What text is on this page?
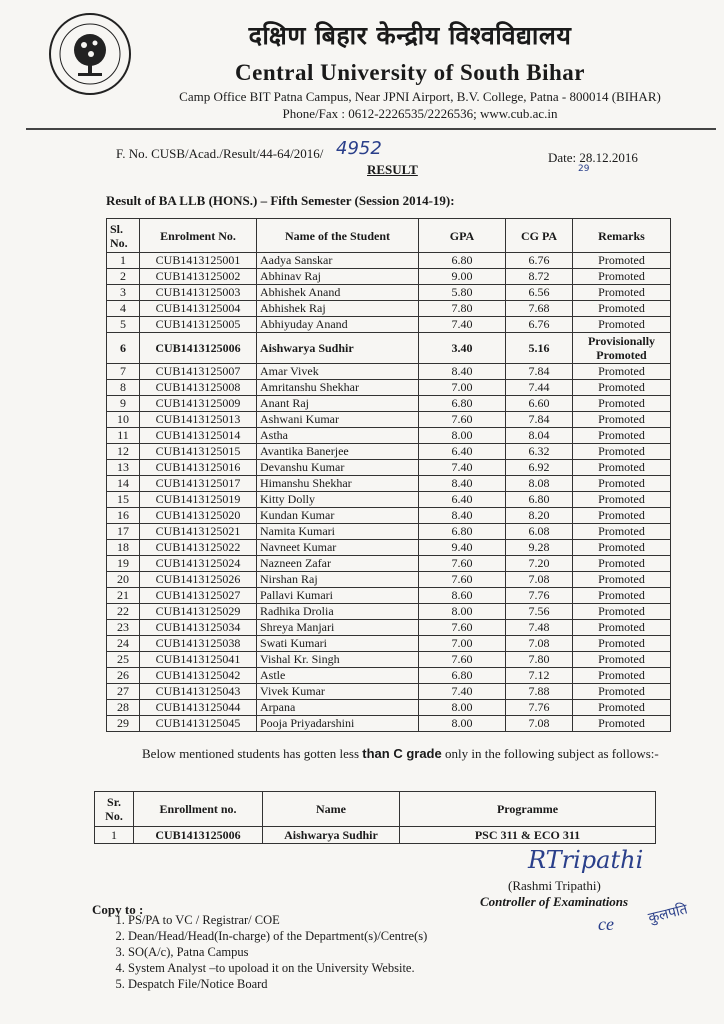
दक्षिण बिहार केन्द्रीय विश्वविद्यालय
Central University of South Bihar
Camp Office BIT Patna Campus, Near JPNI Airport, B.V. College, Patna - 800014 (BIHAR)
Phone/Fax : 0612-2226535/2226536; www.cub.ac.in
F. No. CUSB/Acad./Result/44-64/2016/ 4952
RESULT
Date: 28.12.2016
29
Result of BA LLB (HONS.) – Fifth Semester (Session 2014-19):
Sl. No.	Enrolment No.	Name of the Student	GPA	CG PA	Remarks
1	CUB1413125001	Aadya Sanskar	6.80	6.76	Promoted
2	CUB1413125002	Abhinav Raj	9.00	8.72	Promoted
3	CUB1413125003	Abhishek Anand	5.80	6.56	Promoted
4	CUB1413125004	Abhishek Raj	7.80	7.68	Promoted
5	CUB1413125005	Abhiyuday Anand	7.40	6.76	Promoted
6	CUB1413125006	Aishwarya Sudhir	3.40	5.16	Provisionally Promoted
7	CUB1413125007	Amar Vivek	8.40	7.84	Promoted
8	CUB1413125008	Amritanshu Shekhar	7.00	7.44	Promoted
9	CUB1413125009	Anant Raj	6.80	6.60	Promoted
10	CUB1413125013	Ashwani Kumar	7.60	7.84	Promoted
11	CUB1413125014	Astha	8.00	8.04	Promoted
12	CUB1413125015	Avantika Banerjee	6.40	6.32	Promoted
13	CUB1413125016	Devanshu Kumar	7.40	6.92	Promoted
14	CUB1413125017	Himanshu Shekhar	8.40	8.08	Promoted
15	CUB1413125019	Kitty Dolly	6.40	6.80	Promoted
16	CUB1413125020	Kundan Kumar	8.40	8.20	Promoted
17	CUB1413125021	Namita Kumari	6.80	6.08	Promoted
18	CUB1413125022	Navneet Kumar	9.40	9.28	Promoted
19	CUB1413125024	Nazneen Zafar	7.60	7.20	Promoted
20	CUB1413125026	Nirshan Raj	7.60	7.08	Promoted
21	CUB1413125027	Pallavi Kumari	8.60	7.76	Promoted
22	CUB1413125029	Radhika Drolia	8.00	7.56	Promoted
23	CUB1413125034	Shreya Manjari	7.60	7.48	Promoted
24	CUB1413125038	Swati Kumari	7.00	7.08	Promoted
25	CUB1413125041	Vishal Kr. Singh	7.60	7.80	Promoted
26	CUB1413125042	Astle	6.80	7.12	Promoted
27	CUB1413125043	Vivek Kumar	7.40	7.88	Promoted
28	CUB1413125044	Arpana	8.00	7.76	Promoted
29	CUB1413125045	Pooja Priyadarshini	8.00	7.08	Promoted
Below mentioned students has gotten less than C grade only in the following subject as follows:-
Sr. No.	Enrollment no.	Name	Programme
1	CUB1413125006	Aishwarya Sudhir	PSC 311 & ECO 311
RTripathi
(Rashmi Tripathi)
Controller of Examinations
ce कुलपति
Copy to :
1. PS/PA to VC / Registrar/ COE
2. Dean/Head/Head(In-charge) of the Department(s)/Centre(s)
3. SO(A/c), Patna Campus
4. System Analyst –to upoload it on the University Website.
5. Despatch File/Notice Board
